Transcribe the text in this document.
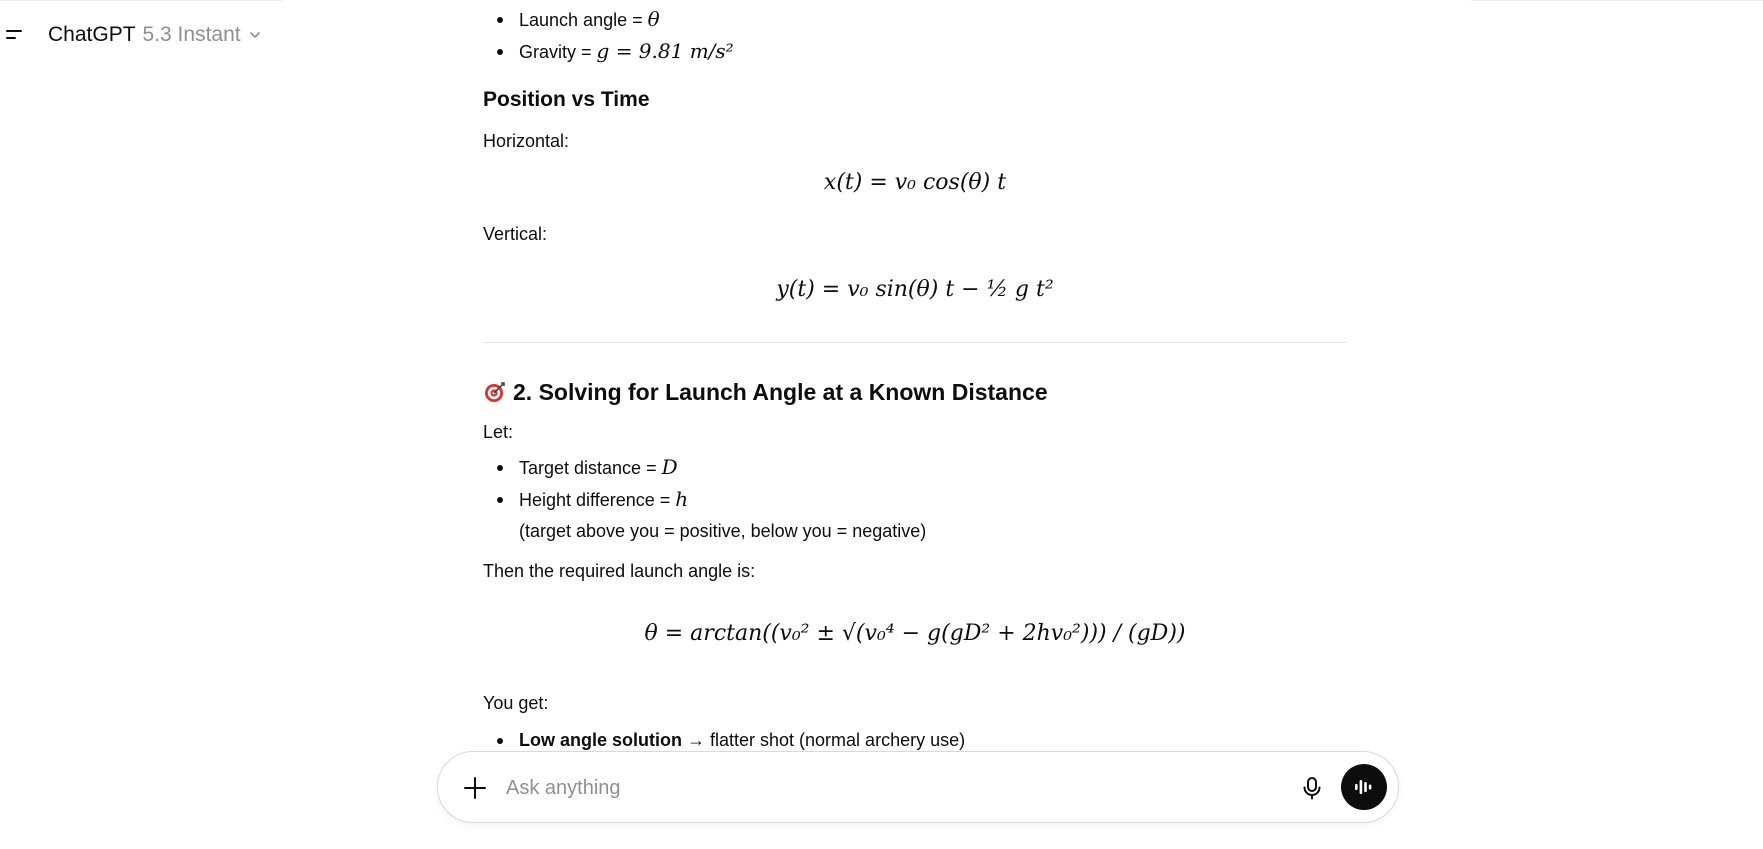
ChatGPT 5.3 Instant
Launch angle = θ
Gravity = g = 9.81 m/s²
Position vs Time
Horizontal:
x(t) = v₀ cos(θ) t
Vertical:
y(t) = v₀ sin(θ) t − ½ g t²
2. Solving for Launch Angle at a Known Distance
Let:
Target distance = D
Height difference = h
(target above you = positive, below you = negative)
Then the required launch angle is:
θ = arctan((v₀² ± √(v₀⁴ − g(gD² + 2hv₀²))) / (gD))
You get:
Low angle solution → flatter shot (normal archery use)
Ask anything
